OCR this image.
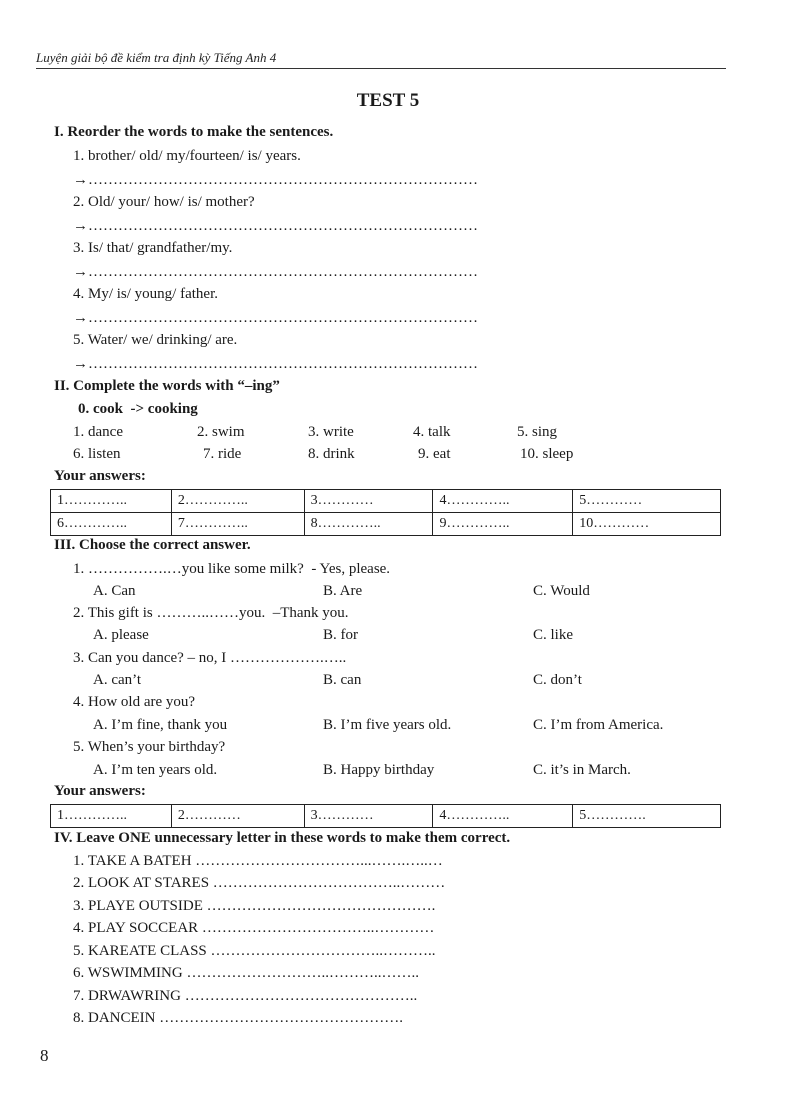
Luyện giải bộ đề kiểm tra định kỳ Tiếng Anh 4
TEST 5
I. Reorder the words to make the sentences.
1. brother/ old/ my/fourteen/ is/ years.
→……………………………………………………………………
2. Old/ your/ how/ is/ mother?
→……………………………………………………………………
3. Is/ that/ grandfather/my.
→……………………………………………………………………
4. My/ is/ young/ father.
→……………………………………………………………………
5. Water/ we/ drinking/ are.
→……………………………………………………………………
II. Complete the words with “–ing”
0. cook  -> cooking
1. dance	2. swim	3. write	4. talk	5. sing
6. listen	7. ride	8. drink	9. eat	10. sleep
Your answers:
1…………..	2…………..	3…………	4…………..	5…………
6…………..	7…………..	8…………..	9…………..	10…………
III. Choose the correct answer.
1. …………….…you like some milk?  - Yes, please.
A. Can	B. Are	C. Would
2. This gift is ………..……you.  –Thank you.
A. please	B. for	C. like
3. Can you dance? – no, I ……………….…..
A. can’t	B. can	C. don’t
4. How old are you?
A. I’m fine, thank you	B. I’m five years old.	C. I’m from America.
5. When’s your birthday?
A. I’m ten years old.	B. Happy birthday	C. it’s in March.
Your answers:
1…………..	2…………	3…………	4…………..	5………….
IV. Leave ONE unnecessary letter in these words to make them correct.
1. TAKE A BATEH ……………………………...…….…..…
2. LOOK AT STARES ………………………………..………
3. PLAYE OUTSIDE ……………………………………….
4. PLAY SOCCEAR ……………………………..…………
5. KAREATE CLASS ……………………………..………..
6. WSWIMMING ………………………..………..……..
7. DRWAWRING ………………………………………..
8. DANCEIN ………………………………………….
8
